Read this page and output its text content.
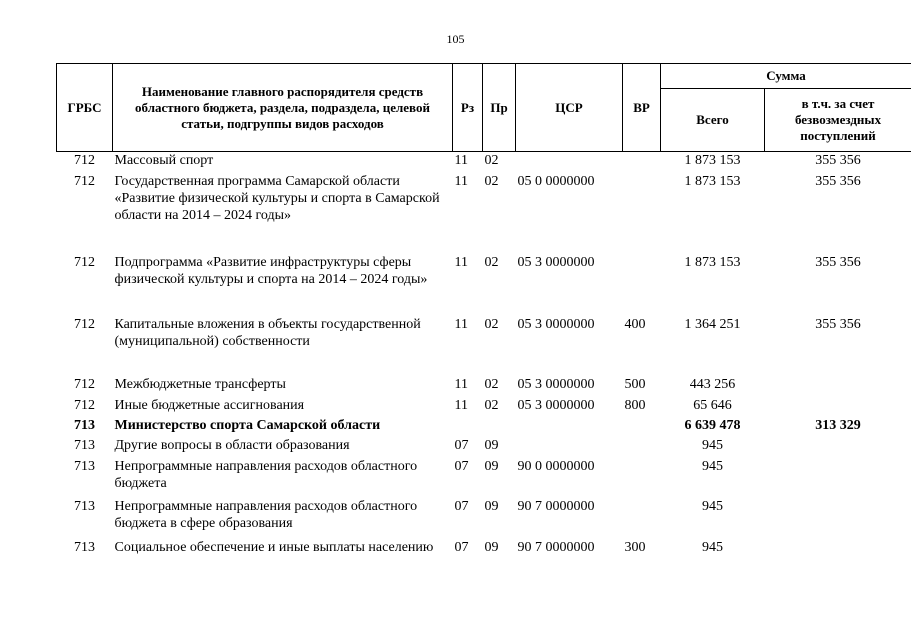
105
ГРБС	Наименование главного распорядителя средств областного бюджета, раздела, подраздела, целевой статьи, подгруппы видов расходов	Рз	Пр	ЦСР	ВР	Сумма	
						Всего	в т.ч. за счет безвозмездных поступлений
712	Массовый спорт	11	02			1 873 153	355 356
712	Государственная программа Самарской области «Развитие физической культуры и спорта в Самарской области на 2014 – 2024 годы»	11	02	05 0 0000000		1 873 153	355 356
712	Подпрограмма «Развитие инфраструктуры сферы физической культуры и спорта на 2014 – 2024 годы»	11	02	05 3 0000000		1 873 153	355 356
712	Капитальные вложения в объекты государственной (муниципальной) собственности	11	02	05 3 0000000	400	1 364 251	355 356
712	Межбюджетные трансферты	11	02	05 3 0000000	500	443 256	
712	Иные бюджетные ассигнования	11	02	05 3 0000000	800	65 646	
713	Министерство спорта Самарской области					6 639 478	313 329
713	Другие вопросы в области образования	07	09			945	
713	Непрограммные направления расходов областного бюджета	07	09	90 0 0000000		945	
713	Непрограммные направления расходов областного бюджета в сфере образования	07	09	90 7 0000000		945	
713	Социальное обеспечение и иные выплаты населению	07	09	90 7 0000000	300	945	
